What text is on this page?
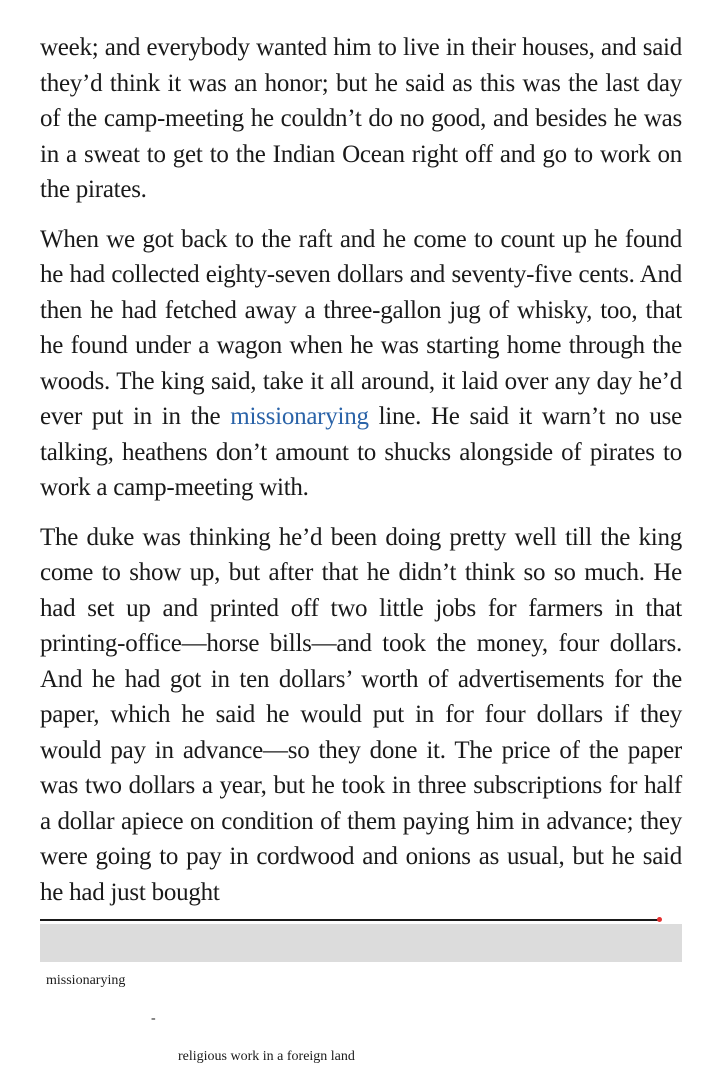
week; and everybody wanted him to live in their houses, and said they’d think it was an honor; but he said as this was the last day of the camp-meeting he couldn’t do no good, and besides he was in a sweat to get to the Indian Ocean right off and go to work on the pirates.

When we got back to the raft and he come to count up he found he had collected eighty-seven dollars and seventy-five cents. And then he had fetched away a three-gallon jug of whisky, too, that he found under a wagon when he was starting home through the woods. The king said, take it all around, it laid over any day he’d ever put in in the missionarying line. He said it warn’t no use talking, heathens don’t amount to shucks alongside of pirates to work a camp-meeting with.

The duke was thinking he’d been doing pretty well till the king come to show up, but after that he didn’t think so so much. He had set up and printed off two little jobs for farmers in that printing-office—horse bills—and took the money, four dollars. And he had got in ten dollars’ worth of advertisements for the paper, which he said he would put in for four dollars if they would pay in advance—so they done it. The price of the paper was two dollars a year, but he took in three subscriptions for half a dollar apiece on condition of them paying him in advance; they were going to pay in cordwood and onions as usual, but he said he had just bought

missionarying

-

religious work in a foreign land
